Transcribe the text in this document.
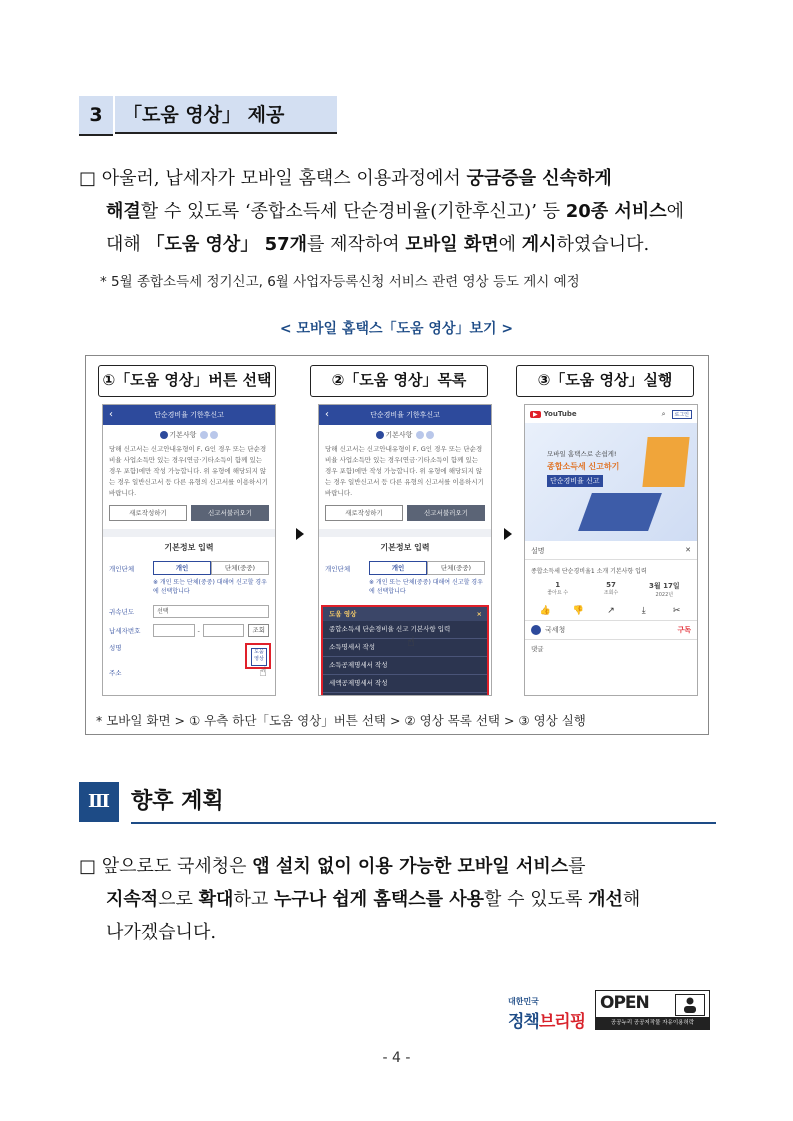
3	「도움 영상」 제공
□ 아울러, 납세자가 모바일 홈택스 이용과정에서 궁금증을 신속하게
해결할 수 있도록 ‘종합소득세 단순경비율(기한후신고)’ 등 20종 서비스에
대해 「도움 영상」 57개를 제작하여 모바일 화면에 게시하였습니다.
* 5월 종합소득세 정기신고, 6월 사업자등록신청 서비스 관련 영상 등도 게시 예정
< 모바일 홈택스「도움 영상」보기 >
①「도움 영상」버튼 선택	②「도움 영상」목록	③「도움 영상」실행
‹	단순경비율 기한후신고
기본사항
당해 신고서는 신고안내유형이 F, G인 경우 또는 단순경비율 사업소득만 있는 경우(연금·기타소득이 함께 있는 경우 포함)에만 작성 가능합니다. 위 유형에 해당되지 않는 경우 일반신고서 등 다른 유형의 신고서를 이용하시기 바랍니다.
새로작성하기	신고서불러오기
기본정보 입력
개인단체	개인	단체(중중)
※ 개인 또는 단체(중중) 대해여 신고할 경우에 선택합니다
귀속년도	선택
납세자번호	-	조회
성명
주소
도움 영상
☝
‹	단순경비율 기한후신고
기본사항
당해 신고서는 신고안내유형이 F, G인 경우 또는 단순경비율 사업소득만 있는 경우(연금·기타소득이 함께 있는 경우 포함)에만 작성 가능합니다. 위 유형에 해당되지 않는 경우 일반신고서 등 다른 유형의 신고서를 이용하시기 바랍니다.
새로작성하기	신고서불러오기
기본정보 입력
개인단체	개인	단체(중중)
※ 개인 또는 단체(중중) 대해여 신고할 경우에 선택합니다
도움 영상	×
종합소득세 단순경비율 신고 기본사항 입력
소득명세서 작성
소득공제명세서 작성
세액공제명세서 작성
☝
▶ YouTube	⌕	로그인
모바일 홈택스로 손쉽게!
종합소득세 신고하기
단순경비율 신고
설명	✕
종합소득세 단순경비율1 소개 기본사항 입력
1
좋아요 수
57
조회수
3월 17일
2022년
👍	👎	↗	⤓	✂
국세청	구독
댓글
* 모바일 화면 > ① 우측 하단「도움 영상」버튼 선택 > ② 영상 목록 선택 > ③ 영상 실행
Ⅲ 향후 계획
□ 앞으로도 국세청은 앱 설치 없이 이용 가능한 모바일 서비스를
지속적으로 확대하고 누구나 쉽게 홈택스를 사용할 수 있도록 개선해
나가겠습니다.
대한민국
정책브리핑
OPEN
공공누리 공공저작물 자유이용허락
- 4 -
